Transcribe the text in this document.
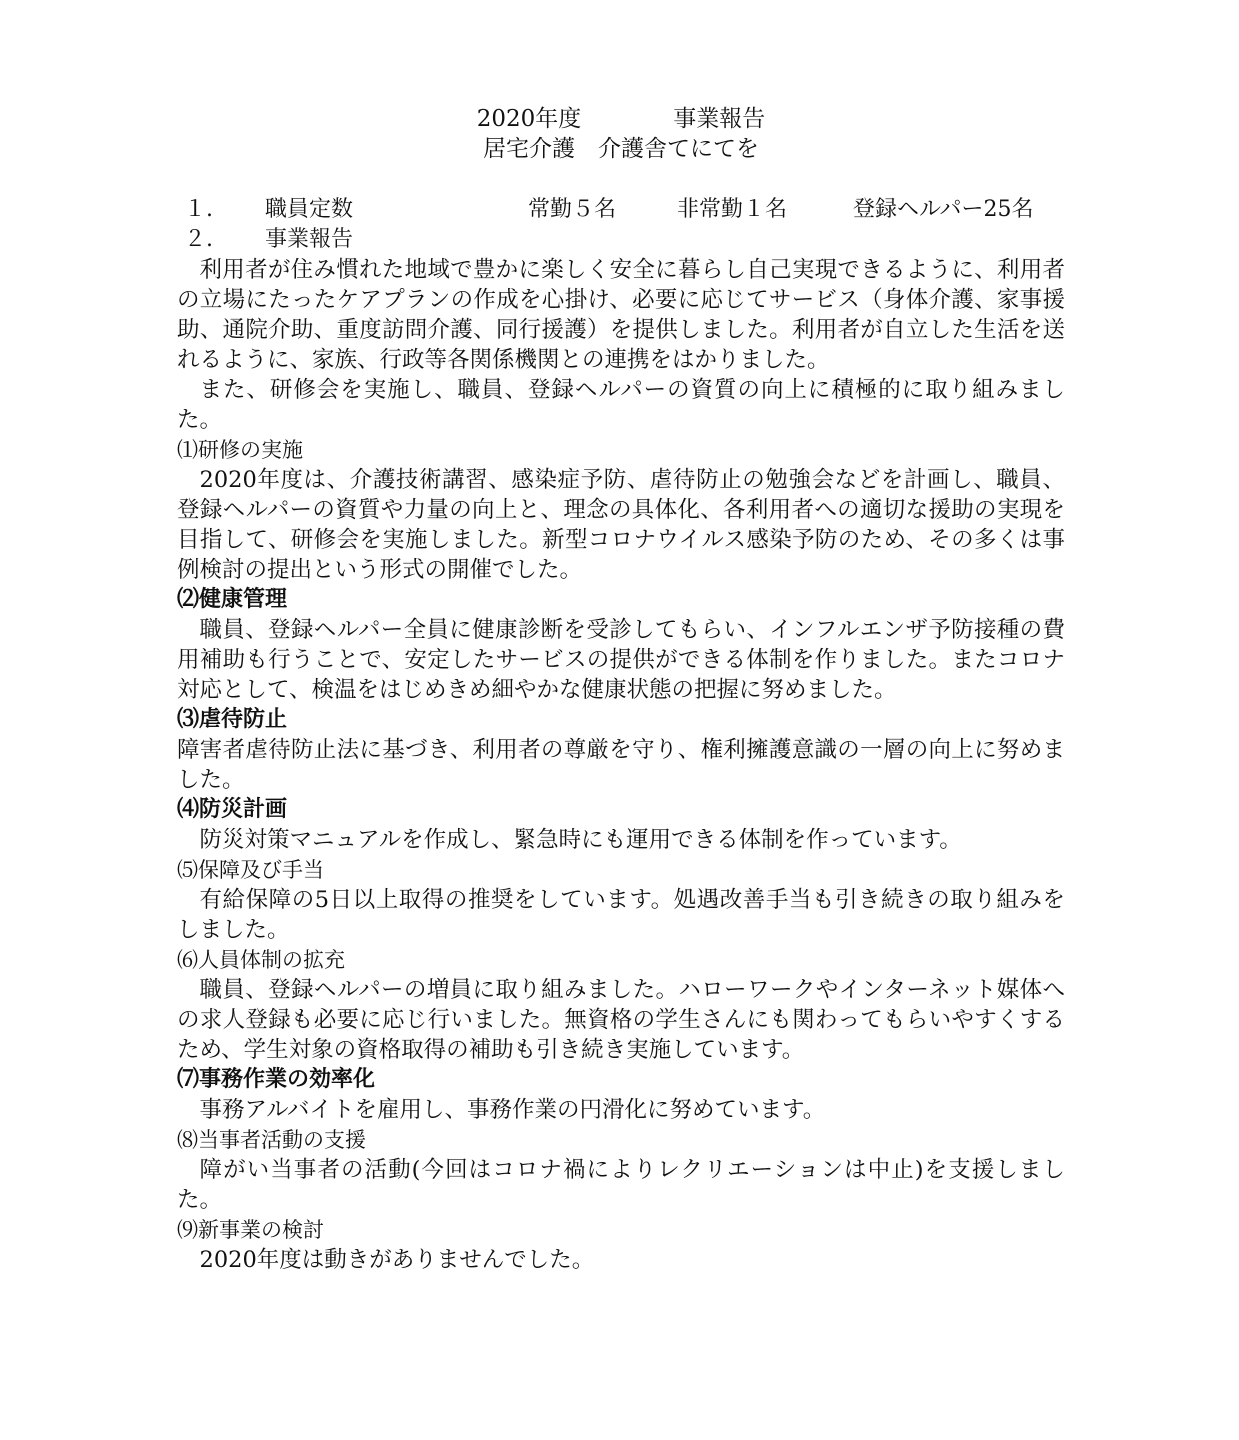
2020年度　　　　事業報告
居宅介護　介護舎てにてを
１. 職員定数	常勤５名	非常勤１名	登録ヘルパー25名
２. 事業報告

利用者が住み慣れた地域で豊かに楽しく安全に暮らし自己実現できるように、利用者の立場にたったケアプランの作成を心掛け、必要に応じてサービス（身体介護、家事援助、通院介助、重度訪問介護、同行援護）を提供しました。利用者が自立した生活を送れるように、家族、行政等各関係機関との連携をはかりました。

また、研修会を実施し、職員、登録ヘルパーの資質の向上に積極的に取り組みました。

⑴研修の実施

2020年度は、介護技術講習、感染症予防、虐待防止の勉強会などを計画し、職員、登録ヘルパーの資質や力量の向上と、理念の具体化、各利用者への適切な援助の実現を目指して、研修会を実施しました。新型コロナウイルス感染予防のため、その多くは事例検討の提出という形式の開催でした。

⑵健康管理

職員、登録ヘルパー全員に健康診断を受診してもらい、インフルエンザ予防接種の費用補助も行うことで、安定したサービスの提供ができる体制を作りました。またコロナ対応として、検温をはじめきめ細やかな健康状態の把握に努めました。

⑶虐待防止

障害者虐待防止法に基づき、利用者の尊厳を守り、権利擁護意識の一層の向上に努めました。

⑷防災計画

防災対策マニュアルを作成し、緊急時にも運用できる体制を作っています。

⑸保障及び手当

有給保障の5日以上取得の推奨をしています。処遇改善手当も引き続きの取り組みをしました。

⑹人員体制の拡充

職員、登録ヘルパーの増員に取り組みました。ハローワークやインターネット媒体への求人登録も必要に応じ行いました。無資格の学生さんにも関わってもらいやすくするため、学生対象の資格取得の補助も引き続き実施しています。

⑺事務作業の効率化

事務アルバイトを雇用し、事務作業の円滑化に努めています。

⑻当事者活動の支援

障がい当事者の活動(今回はコロナ禍によりレクリエーションは中止)を支援しました。

⑼新事業の検討

2020年度は動きがありませんでした。
